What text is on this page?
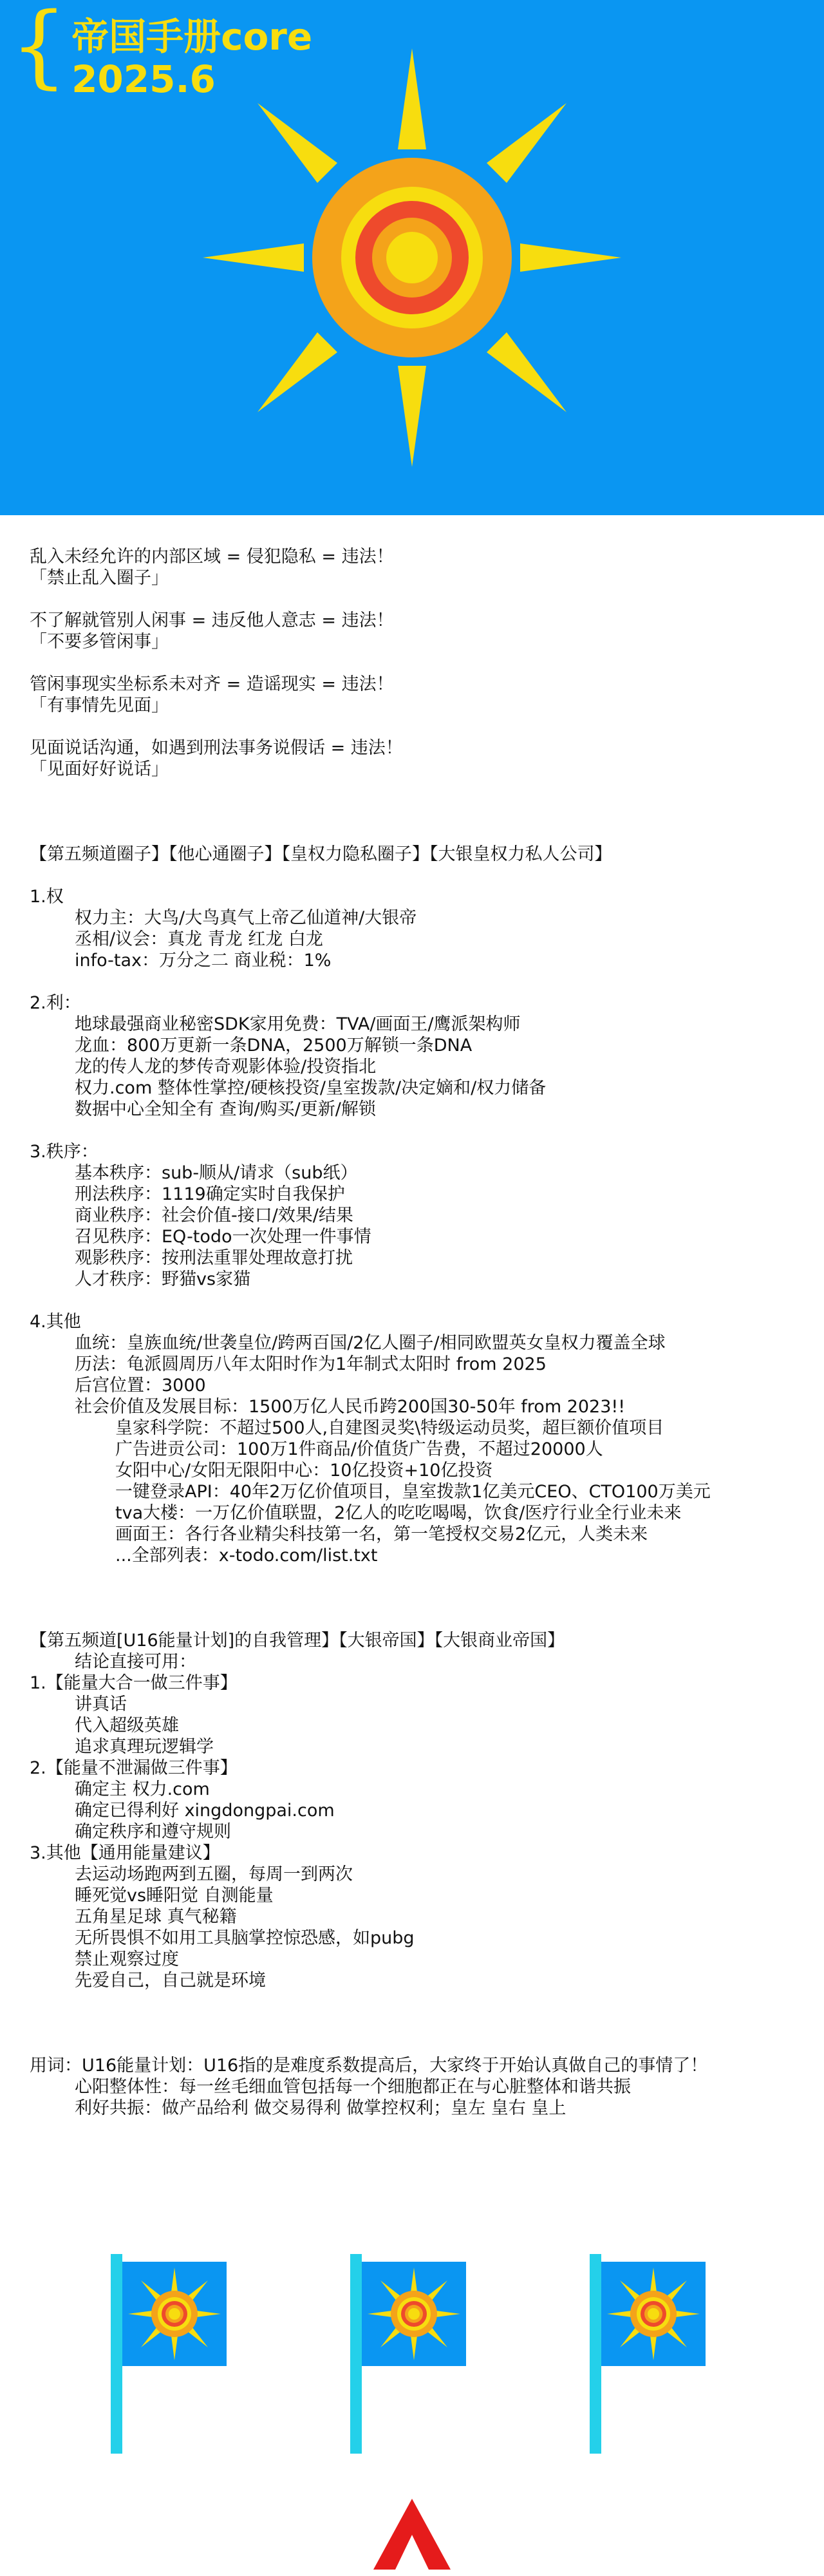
{ 帝国手册core
2025.6
乱入未经允许的内部区域 = 侵犯隐私 = 违法！
「禁止乱入圈子」
不了解就管别人闲事 = 违反他人意志 = 违法！
「不要多管闲事」
管闲事现实坐标系未对齐 = 造谣现实 = 违法！
「有事情先见面」
见面说话沟通，如遇到刑法事务说假话 = 违法！
「见面好好说话」
【第五频道圈子】【他心通圈子】【皇权力隐私圈子】【大银皇权力私人公司】
1.权
权力主：大鸟/大鸟真气上帝乙仙道神/大银帝
丞相/议会：真龙 青龙 红龙 白龙
info-tax：万分之二 商业税：1%
2.利：
地球最强商业秘密SDK家用免费：TVA/画面王/鹰派架构师
龙血：800万更新一条DNA，2500万解锁一条DNA
龙的传人龙的梦传奇观影体验/投资指北
权力.com 整体性掌控/硬核投资/皇室拨款/决定嫡和/权力储备
数据中心全知全有 查询/购买/更新/解锁
3.秩序：
基本秩序：sub-顺从/请求（sub纸）
刑法秩序：1119确定实时自我保护
商业秩序：社会价值-接口/效果/结果
召见秩序：EQ-todo一次处理一件事情
观影秩序：按刑法重罪处理故意打扰
人才秩序：野猫vs家猫
4.其他
血统：皇族血统/世袭皇位/跨两百国/2亿人圈子/相同欧盟英女皇权力覆盖全球
历法：龟派圆周历八年太阳时作为1年制式太阳时 from 2025
后宫位置：3000
社会价值及发展目标：1500万亿人民币跨200国30-50年 from 2023!!
皇家科学院：不超过500人,自建图灵奖\特级运动员奖，超巨额价值项目
广告进贡公司：100万1件商品/价值货广告费，不超过20000人
女阳中心/女阳无限阳中心：10亿投资+10亿投资
一键登录API：40年2万亿价值项目，皇室拨款1亿美元CEO、CTO100万美元
tva大楼：一万亿价值联盟，2亿人的吃吃喝喝，饮食/医疗行业全行业未来
画面王：各行各业精尖科技第一名，第一笔授权交易2亿元，人类未来
...全部列表：x-todo.com/list.txt
【第五频道[U16能量计划]的自我管理】【大银帝国】【大银商业帝国】
结论直接可用：
1.【能量大合一做三件事】
讲真话
代入超级英雄
追求真理玩逻辑学
2.【能量不泄漏做三件事】
确定主 权力.com
确定已得利好 xingdongpai.com
确定秩序和遵守规则
3.其他【通用能量建议】
去运动场跑两到五圈，每周一到两次
睡死觉vs睡阳觉 自测能量
五角星足球 真气秘籍
无所畏惧不如用工具脑掌控惊恐感，如pubg
禁止观察过度
先爱自己，自己就是环境
用词：U16能量计划：U16指的是难度系数提高后，大家终于开始认真做自己的事情了！
心阳整体性：每一丝毛细血管包括每一个细胞都正在与心脏整体和谐共振
利好共振：做产品给利 做交易得利 做掌控权利；皇左 皇右 皇上
